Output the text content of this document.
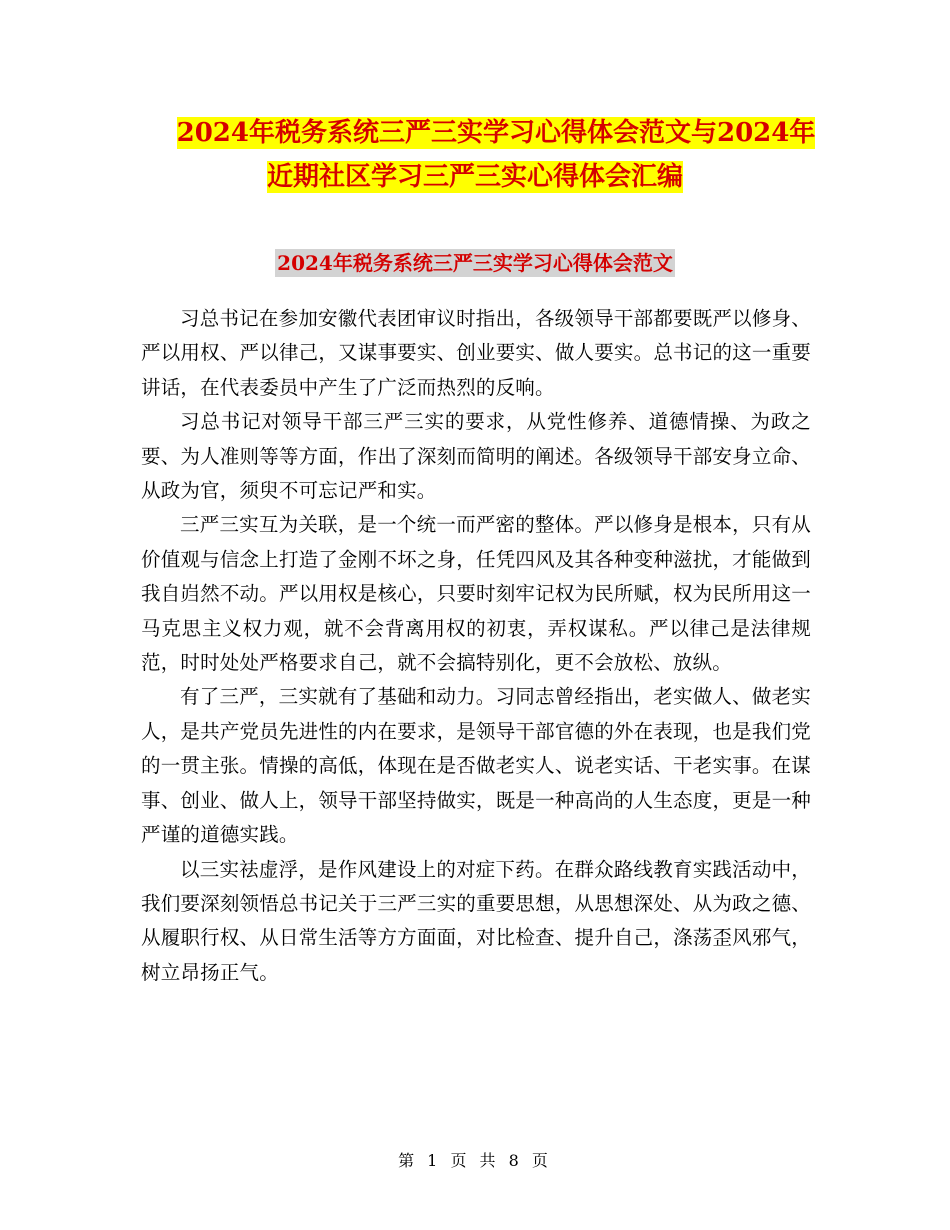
2024年税务系统三严三实学习心得体会范文与2024年
近期社区学习三严三实心得体会汇编
2024年税务系统三严三实学习心得体会范文

习总书记在参加安徽代表团审议时指出，各级领导干部都要既严以修身、严以用权、严以律己，又谋事要实、创业要实、做人要实。总书记的这一重要讲话，在代表委员中产生了广泛而热烈的反响。

习总书记对领导干部三严三实的要求，从党性修养、道德情操、为政之要、为人准则等等方面，作出了深刻而简明的阐述。各级领导干部安身立命、从政为官，须臾不可忘记严和实。

三严三实互为关联，是一个统一而严密的整体。严以修身是根本，只有从价值观与信念上打造了金刚不坏之身，任凭四风及其各种变种滋扰，才能做到我自岿然不动。严以用权是核心，只要时刻牢记权为民所赋，权为民所用这一马克思主义权力观，就不会背离用权的初衷，弄权谋私。严以律己是法律规范，时时处处严格要求自己，就不会搞特别化，更不会放松、放纵。

有了三严，三实就有了基础和动力。习同志曾经指出，老实做人、做老实人，是共产党员先进性的内在要求，是领导干部官德的外在表现，也是我们党的一贯主张。情操的高低，体现在是否做老实人、说老实话、干老实事。在谋事、创业、做人上，领导干部坚持做实，既是一种高尚的人生态度，更是一种严谨的道德实践。

以三实祛虚浮，是作风建设上的对症下药。在群众路线教育实践活动中，我们要深刻领悟总书记关于三严三实的重要思想，从思想深处、从为政之德、从履职行权、从日常生活等方方面面，对比检查、提升自己，涤荡歪风邪气，树立昂扬正气。

第 1 页 共 8 页
